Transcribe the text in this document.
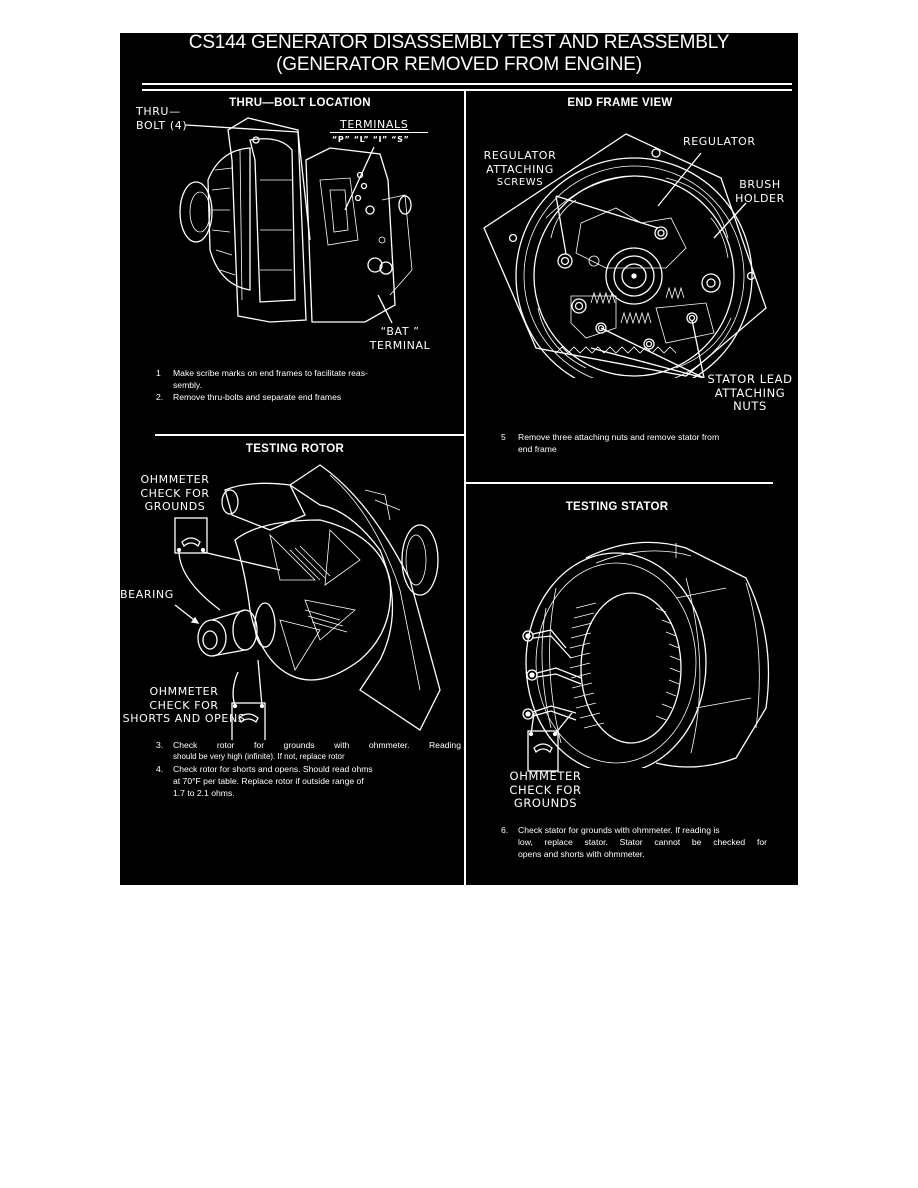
CS144 GENERATOR DISASSEMBLY TEST AND REASSEMBLY
(GENERATOR REMOVED FROM ENGINE)
THRU—BOLT LOCATION
THRU—
BOLT (4)	TERMINALS
“P” “L” “I” “S”
“BAT ”
TERMINAL
1 Make scribe marks on end frames to facilitate reas-
sembly.
2. Remove thru-bolts and separate end frames
END FRAME VIEW
REGULATOR
REGULATOR
ATTACHING
SCREWS	BRUSH
HOLDER
STATOR LEAD
ATTACHING
NUTS
5 Remove three attaching nuts and remove stator from
end frame
TESTING ROTOR
OHMMETER
CHECK FOR
GROUNDS
BEARING
OHMMETER
CHECK FOR
SHORTS AND OPENS
3. Check rotor for grounds with ohmmeter. Reading
should be very high (infinite). If not, replace rotor
4. Check rotor for shorts and opens. Should read ohms
at 70°F per table. Replace rotor if outside range of
1.7 to 2.1 ohms.
TESTING STATOR
OHMMETER
CHECK FOR
GROUNDS
6. Check stator for grounds with ohmmeter. If reading is
low, replace stator. Stator cannot be checked for
opens and shorts with ohmmeter.
